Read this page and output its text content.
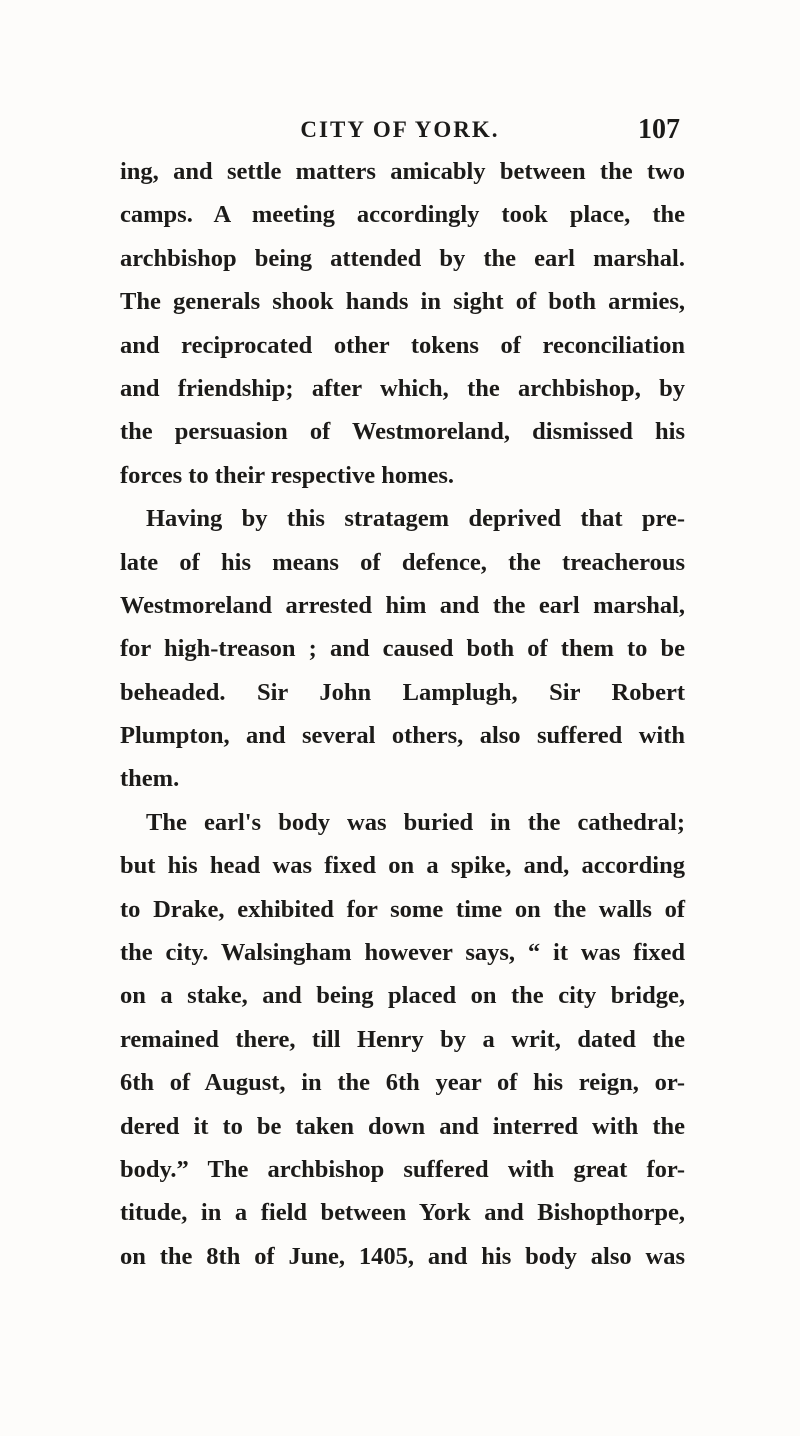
CITY OF YORK.	107
ing, and settle matters amicably between the two
camps. A meeting accordingly took place, the
archbishop being attended by the earl marshal.
The generals shook hands in sight of both armies,
and reciprocated other tokens of reconciliation
and friendship; after which, the archbishop, by
the persuasion of Westmoreland, dismissed his
forces to their respective homes.
Having by this stratagem deprived that pre-
late of his means of defence, the treacherous
Westmoreland arrested him and the earl marshal,
for high-treason ; and caused both of them to be
beheaded. Sir John Lamplugh, Sir Robert
Plumpton, and several others, also suffered with
them.
The earl's body was buried in the cathedral;
but his head was fixed on a spike, and, according
to Drake, exhibited for some time on the walls of
the city. Walsingham however says, “ it was fixed
on a stake, and being placed on the city bridge,
remained there, till Henry by a writ, dated the
6th of August, in the 6th year of his reign, or-
dered it to be taken down and interred with the
body.” The archbishop suffered with great for-
titude, in a field between York and Bishopthorpe,
on the 8th of June, 1405, and his body also was
